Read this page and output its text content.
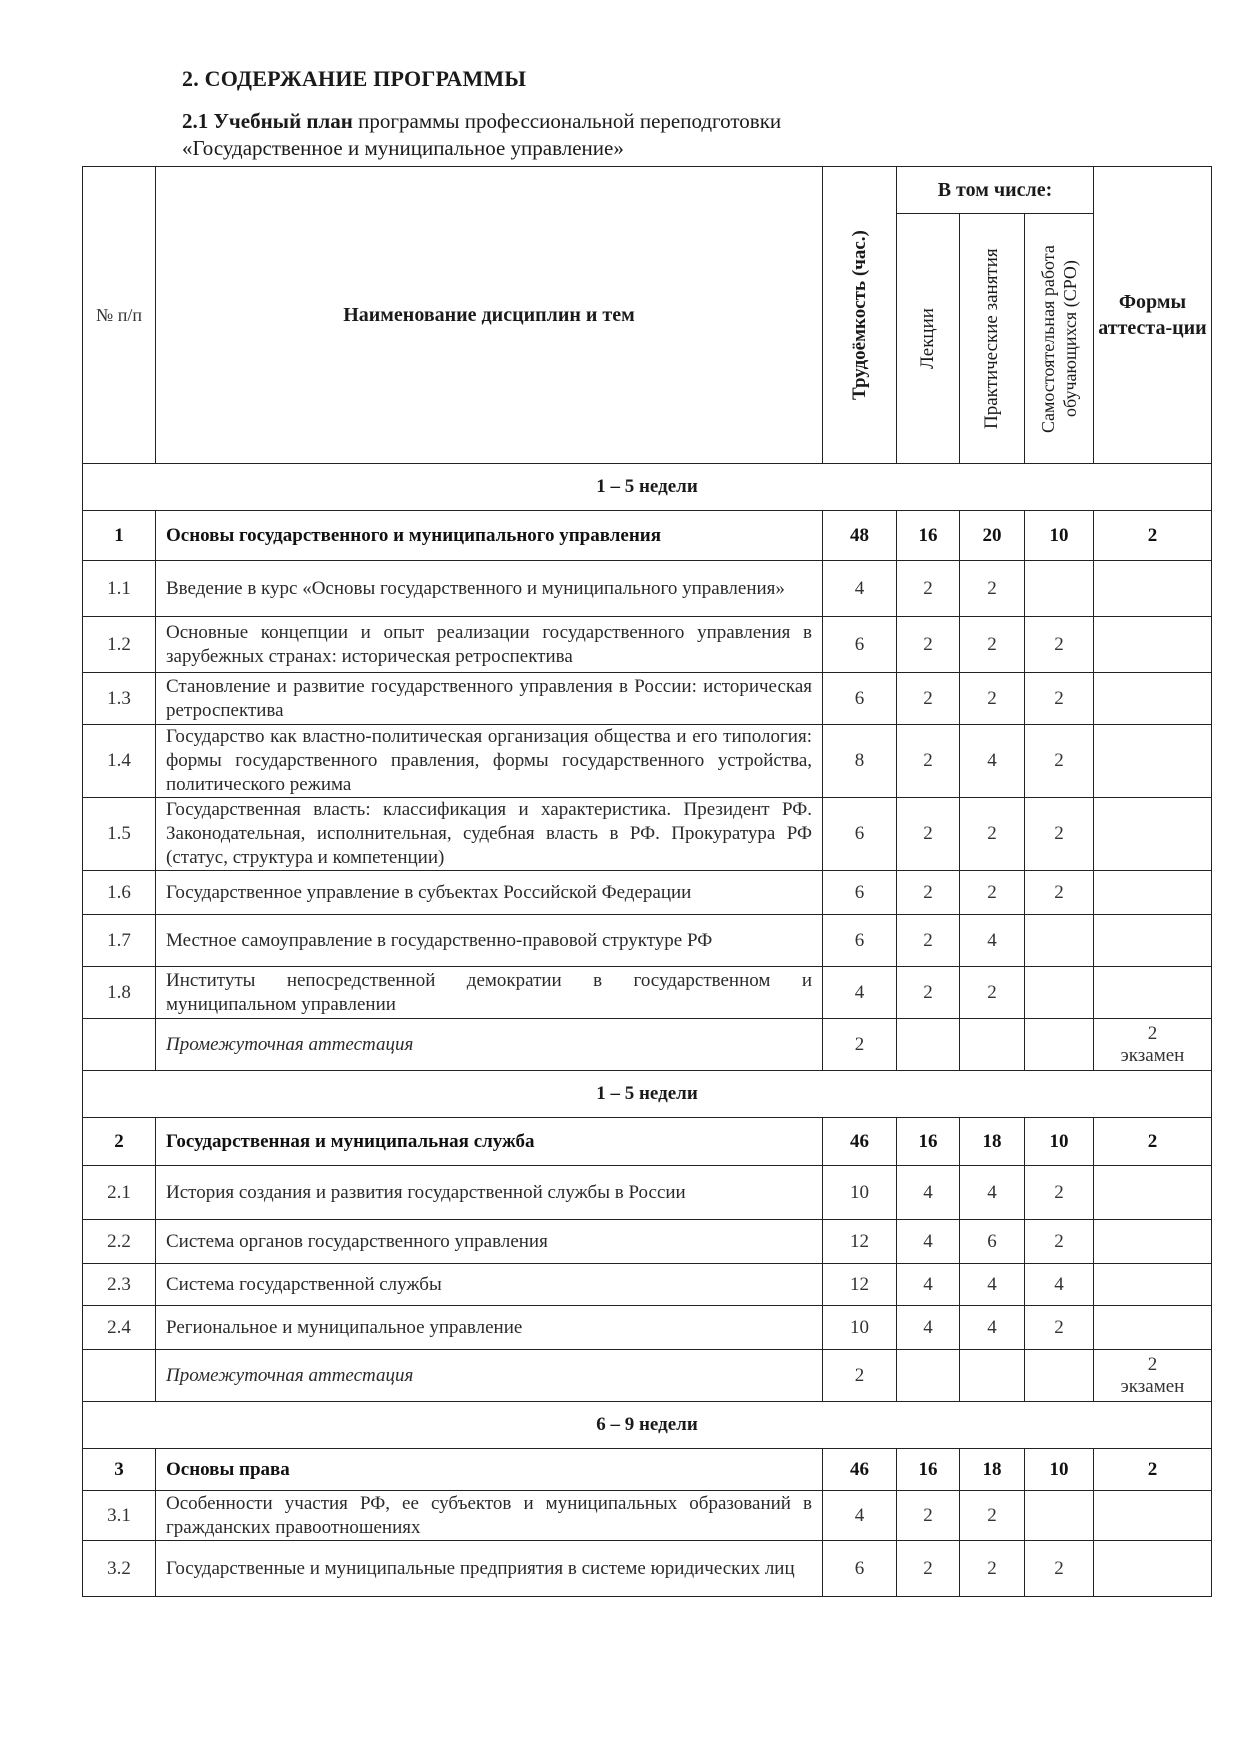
2. СОДЕРЖАНИЕ ПРОГРАММЫ
2.1 Учебный план программы профессиональной переподготовки
«Государственное и муниципальное управление»
№ п/п	Наименование дисциплин и тем	Трудоёмкость (час.)	В том числе:			Формы аттеста-ции

			Лекции	Практические занятия	Самостоятельная работа обучающихся (СРО)	

1 – 5 недели						
1	Основы государственного и муниципального управления	48	16	20	10	2
1.1	Введение в курс «Основы государственного и муниципального управления»	4	2	2		
1.2	Основные концепции и опыт реализации государственного управления в зарубежных странах: историческая ретроспектива	6	2	2	2	
1.3	Становление и развитие государственного управления в России: историческая ретроспектива	6	2	2	2	
1.4	Государство как властно-политическая организация общества и его типология: формы государственного правления, формы государственного устройства, политического режима	8	2	4	2	
1.5	Государственная власть: классификация и характеристика. Президент РФ. Законодательная, исполнительная, судебная власть в РФ. Прокуратура РФ (статус, структура и компетенции)	6	2	2	2	
1.6	Государственное управление в субъектах Российской Федерации	6	2	2	2	
1.7	Местное самоуправление в государственно-правовой структуре РФ	6	2	4		
1.8	Институты непосредственной демократии в государственном и муниципальном управлении	4	2	2		
	Промежуточная аттестация	2				2
экзамен

1 – 5 недели						
2	Государственная и муниципальная служба	46	16	18	10	2
2.1	История создания и развития государственной службы в России	10	4	4	2	
2.2	Система органов государственного управления	12	4	6	2	
2.3	Система государственной службы	12	4	4	4	
2.4	Региональное и муниципальное управление	10	4	4	2	
	Промежуточная аттестация	2				2
экзамен

6 – 9 недели						
3	Основы права	46	16	18	10	2
3.1	Особенности участия РФ, ее субъектов и муниципальных образований в гражданских правоотношениях	4	2	2		
3.2	Государственные и муниципальные предприятия в системе юридических лиц	6	2	2	2	
